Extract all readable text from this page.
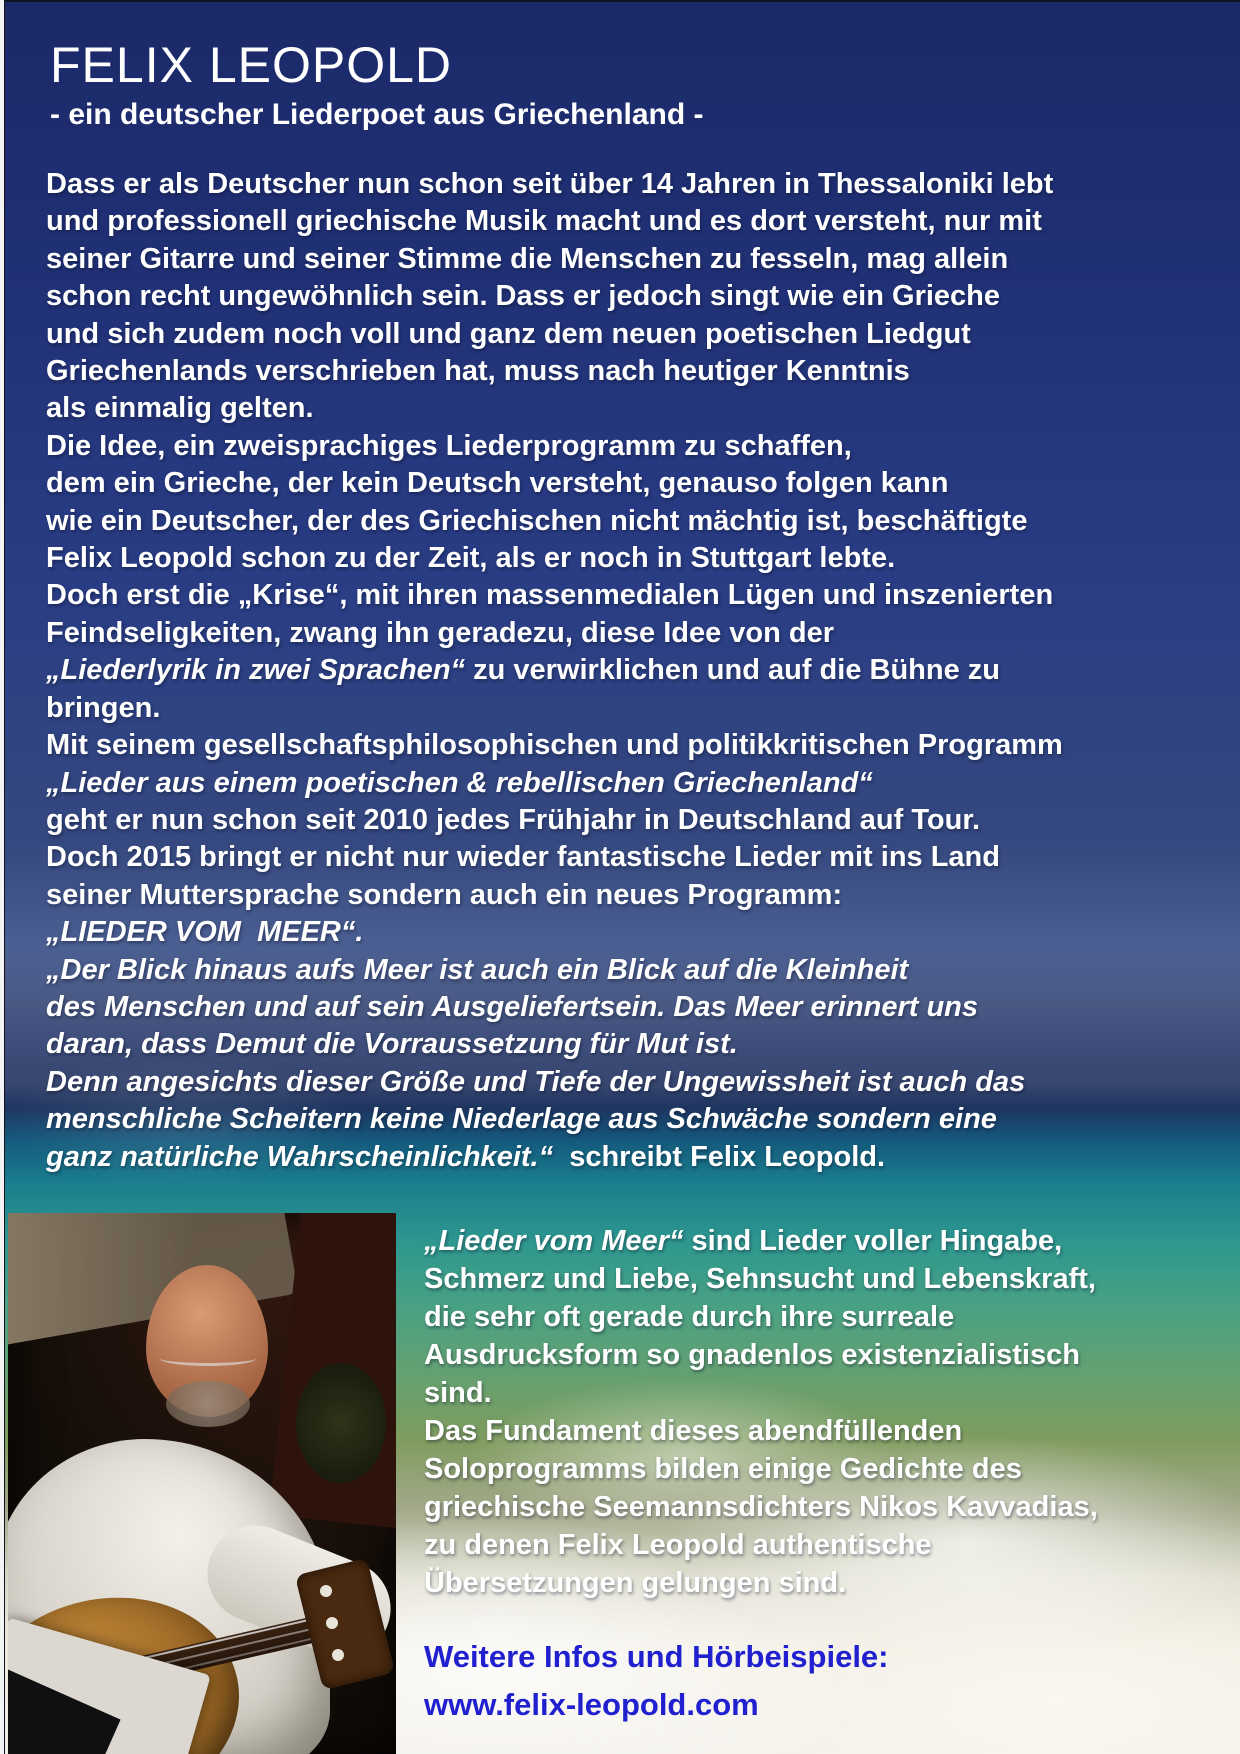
FELIX LEOPOLD
- ein deutscher Liederpoet aus Griechenland -
Dass er als Deutscher nun schon seit über 14 Jahren in Thessaloniki lebt
und professionell griechische Musik macht und es dort versteht, nur mit
seiner Gitarre und seiner Stimme die Menschen zu fesseln, mag allein
schon recht ungewöhnlich sein. Dass er jedoch singt wie ein Grieche
und sich zudem noch voll und ganz dem neuen poetischen Liedgut
Griechenlands verschrieben hat, muss nach heutiger Kenntnis
als einmalig gelten.
Die Idee, ein zweisprachiges Liederprogramm zu schaffen,
dem ein Grieche, der kein Deutsch versteht, genauso folgen kann
wie ein Deutscher, der des Griechischen nicht mächtig ist, beschäftigte
Felix Leopold schon zu der Zeit, als er noch in Stuttgart lebte.
Doch erst die „Krise“, mit ihren massenmedialen Lügen und inszenierten
Feindseligkeiten, zwang ihn geradezu, diese Idee von der
„Liederlyrik in zwei Sprachen“ zu verwirklichen und auf die Bühne zu
bringen.
Mit seinem gesellschaftsphilosophischen und politikkritischen Programm
„Lieder aus einem poetischen & rebellischen Griechenland“
geht er nun schon seit 2010 jedes Frühjahr in Deutschland auf Tour.
Doch 2015 bringt er nicht nur wieder fantastische Lieder mit ins Land
seiner Muttersprache sondern auch ein neues Programm:
„LIEDER VOM  MEER“.
„Der Blick hinaus aufs Meer ist auch ein Blick auf die Kleinheit
des Menschen und auf sein Ausgeliefertsein. Das Meer erinnert uns
daran, dass Demut die Vorraussetzung für Mut ist.
Denn angesichts dieser Größe und Tiefe der Ungewissheit ist auch das
menschliche Scheitern keine Niederlage aus Schwäche sondern eine
ganz natürliche Wahrscheinlichkeit.“  schreibt Felix Leopold.
„Lieder vom Meer“ sind Lieder voller Hingabe,
Schmerz und Liebe, Sehnsucht und Lebenskraft,
die sehr oft gerade durch ihre surreale
Ausdrucksform so gnadenlos existenzialistisch
sind.
Das Fundament dieses abendfüllenden
Soloprogramms bilden einige Gedichte des
griechische Seemannsdichters Nikos Kavvadias,
zu denen Felix Leopold authentische
Übersetzungen gelungen sind.
Weitere Infos und Hörbeispiele:
www.felix-leopold.com
